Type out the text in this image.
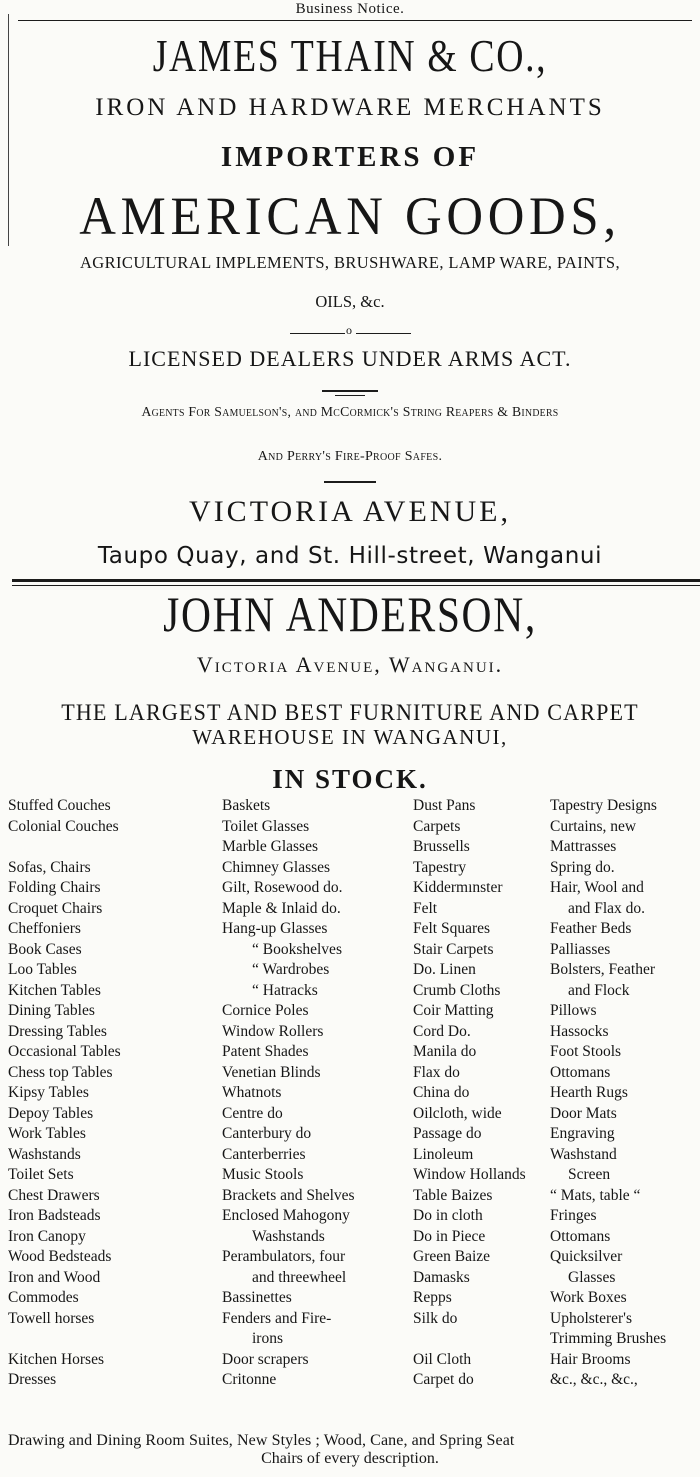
Business Notice.
JAMES THAIN & CO.,
IRON AND HARDWARE MERCHANTS
IMPORTERS OF
AMERICAN GOODS,
AGRICULTURAL IMPLEMENTS, BRUSHWARE, LAMP WARE, PAINTS,
OILS, &c.
o
LICENSED DEALERS UNDER ARMS ACT.
Agents For Samuelson's, and McCormick's String Reapers & Binders
And Perry's Fire-Proof Safes.
VICTORIA AVENUE,
Taupo Quay, and St. Hill-street, Wanganui
JOHN ANDERSON,
Victoria Avenue, Wanganui.
THE LARGEST AND BEST FURNITURE AND CARPET
WAREHOUSE IN WANGANUI,
IN STOCK.
Stuffed Couches
Colonial Couches
Sofas, Chairs
Folding Chairs
Croquet Chairs
Cheffoniers
Book Cases
Loo Tables
Kitchen Tables
Dining Tables
Dressing Tables
Occasional Tables
Chess top Tables
Kipsy Tables
Depoy Tables
Work Tables
Washstands
Toilet Sets
Chest Drawers
Iron Badsteads
Iron Canopy
Wood Bedsteads
Iron and Wood
Commodes
Towell horses
Kitchen Horses
Dresses
Baskets
Toilet Glasses
Marble Glasses
Chimney Glasses
Gilt, Rosewood do.
Maple & Inlaid do.
Hang-up Glasses
“ Bookshelves
“ Wardrobes
“ Hatracks
Cornice Poles
Window Rollers
Patent Shades
Venetian Blinds
Whatnots
Centre do
Canterbury do
Canterberries
Music Stools
Brackets and Shelves
Enclosed Mahogony
Washstands
Perambulators, four
and threewheel
Bassinettes
Fenders and Fire-
irons
Door scrapers
Critonne
Dust Pans
Carpets
Brussells
Tapestry
Kiddermınster
Felt
Felt Squares
Stair Carpets
Do. Linen
Crumb Cloths
Coir Matting
Cord Do.
Manila do
Flax do
China do
Oilcloth, wide
Passage do
Linoleum
Window Hollands
Table Baizes
Do in cloth
Do in Piece
Green Baize
Damasks
Repps
Silk do
Oil Cloth
Carpet do
Tapestry Designs
Curtains, new
Mattrasses
Spring do.
Hair, Wool and
and Flax do.
Feather Beds
Palliasses
Bolsters, Feather
and Flock
Pillows
Hassocks
Foot Stools
Ottomans
Hearth Rugs
Door Mats
Engraving
Washstand
Screen
“ Mats, table “
Fringes
Ottomans
Quicksilver
Glasses
Work Boxes
Upholsterer's
Trimming Brushes
Hair Brooms
&c., &c., &c.,
Drawing and Dining Room Suites, New Styles ; Wood, Cane, and Spring Seat
Chairs of every description.
